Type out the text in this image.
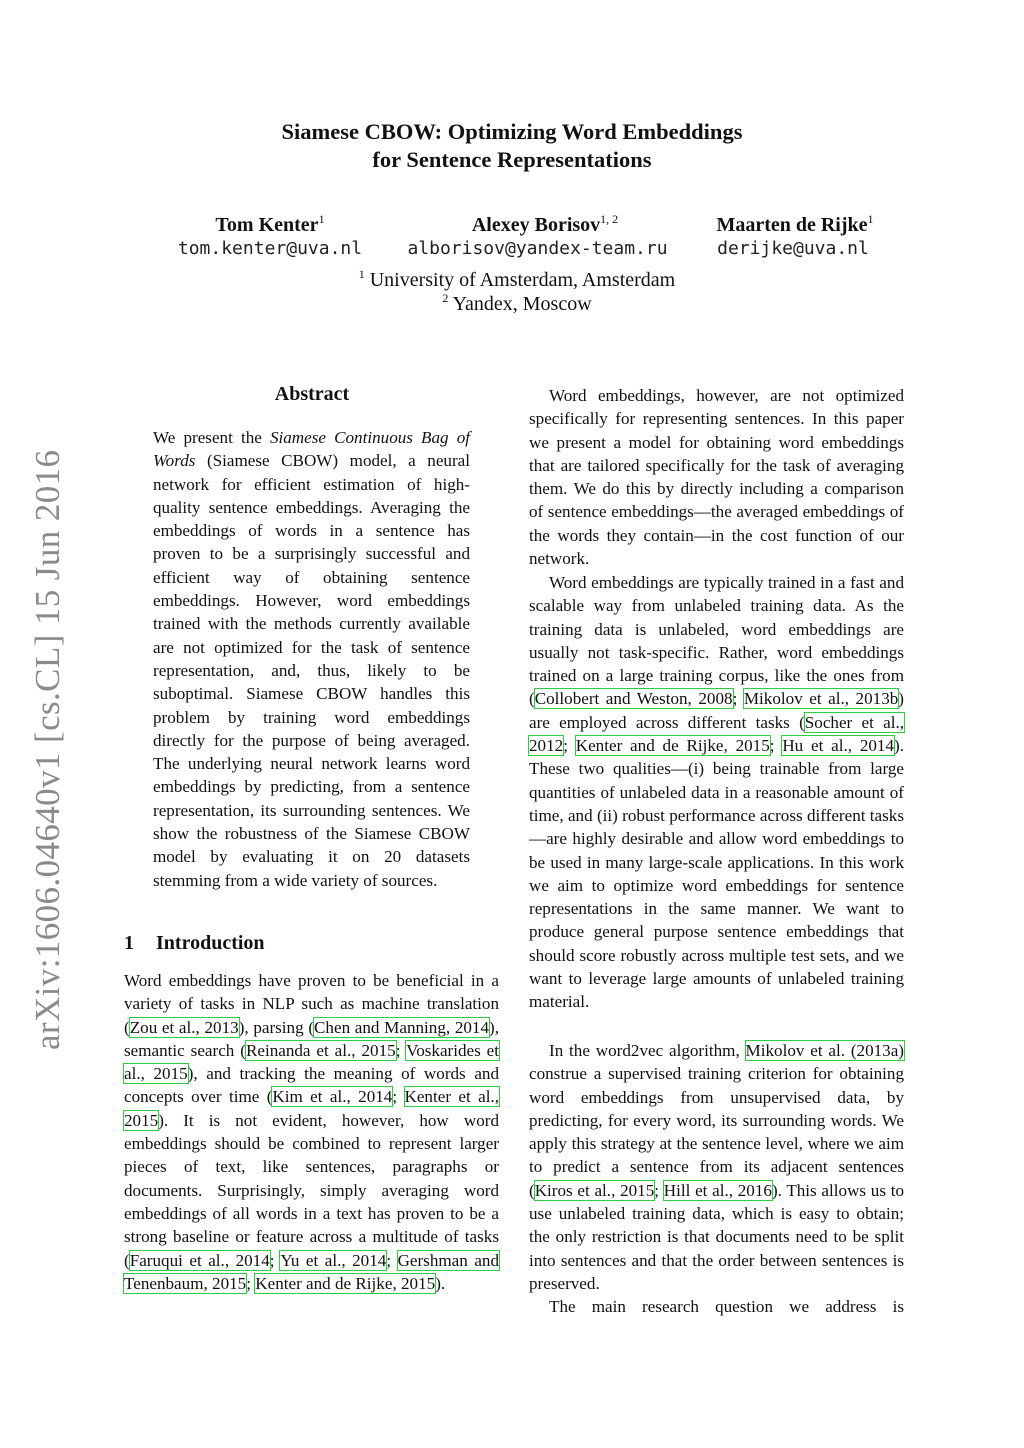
arXiv:1606.04640v1 [cs.CL] 15 Jun 2016
Siamese CBOW: Optimizing Word Embeddings
for Sentence Representations
Tom Kenter$^1$	Alexey Borisov$^{1, 2}$	Maarten de Rijke$^1$
tom.kenter@uva.nl	alborisov@yandex-team.ru	derijke@uva.nl
$^1$ University of Amsterdam, Amsterdam
$^2$ Yandex, Moscow
Abstract

We present the Siamese Continuous Bag of Words (Siamese CBOW) model, a neural network for efficient estimation of high-quality sentence embeddings. Averaging the embeddings of words in a sentence has proven to be a surprisingly successful and efficient way of obtaining sentence embeddings. However, word embeddings trained with the methods currently available are not optimized for the task of sentence representation, and, thus, likely to be suboptimal. Siamese CBOW handles this problem by training word embeddings directly for the purpose of being averaged. The underlying neural network learns word embeddings by predicting, from a sentence representation, its surrounding sentences. We show the robustness of the Siamese CBOW model by evaluating it on 20 datasets stemming from a wide variety of sources.

1 Introduction

Word embeddings have proven to be beneficial in a variety of tasks in NLP such as machine translation (Zou et al., 2013), parsing (Chen and Manning, 2014), semantic search (Reinanda et al., 2015; Voskarides et al., 2015), and tracking the meaning of words and concepts over time (Kim et al., 2014; Kenter et al., 2015). It is not evident, however, how word embeddings should be combined to represent larger pieces of text, like sentences, paragraphs or documents. Surprisingly, simply averaging word embeddings of all words in a text has proven to be a strong baseline or feature across a multitude of tasks (Faruqui et al., 2014; Yu et al., 2014; Gershman and Tenenbaum, 2015; Kenter and de Rijke, 2015).

Word embeddings, however, are not optimized specifically for representing sentences. In this paper we present a model for obtaining word embeddings that are tailored specifically for the task of averaging them. We do this by directly including a comparison of sentence embeddings—the averaged embeddings of the words they contain—in the cost function of our network.

Word embeddings are typically trained in a fast and scalable way from unlabeled training data. As the training data is unlabeled, word embeddings are usually not task-specific. Rather, word embeddings trained on a large training corpus, like the ones from (Collobert and Weston, 2008; Mikolov et al., 2013b) are employed across different tasks (Socher et al., 2012; Kenter and de Rijke, 2015; Hu et al., 2014). These two qualities—(i) being trainable from large quantities of unlabeled data in a reasonable amount of time, and (ii) robust performance across different tasks—are highly desirable and allow word embeddings to be used in many large-scale applications. In this work we aim to optimize word embeddings for sentence representations in the same manner. We want to produce general purpose sentence embeddings that should score robustly across multiple test sets, and we want to leverage large amounts of unlabeled training material.

In the word2vec algorithm, Mikolov et al. (2013a) construe a supervised training criterion for obtaining word embeddings from unsupervised data, by predicting, for every word, its surrounding words. We apply this strategy at the sentence level, where we aim to predict a sentence from its adjacent sentences (Kiros et al., 2015; Hill et al., 2016). This allows us to use unlabeled training data, which is easy to obtain; the only restriction is that documents need to be split into sentences and that the order between sentences is preserved.

The main research question we address is
